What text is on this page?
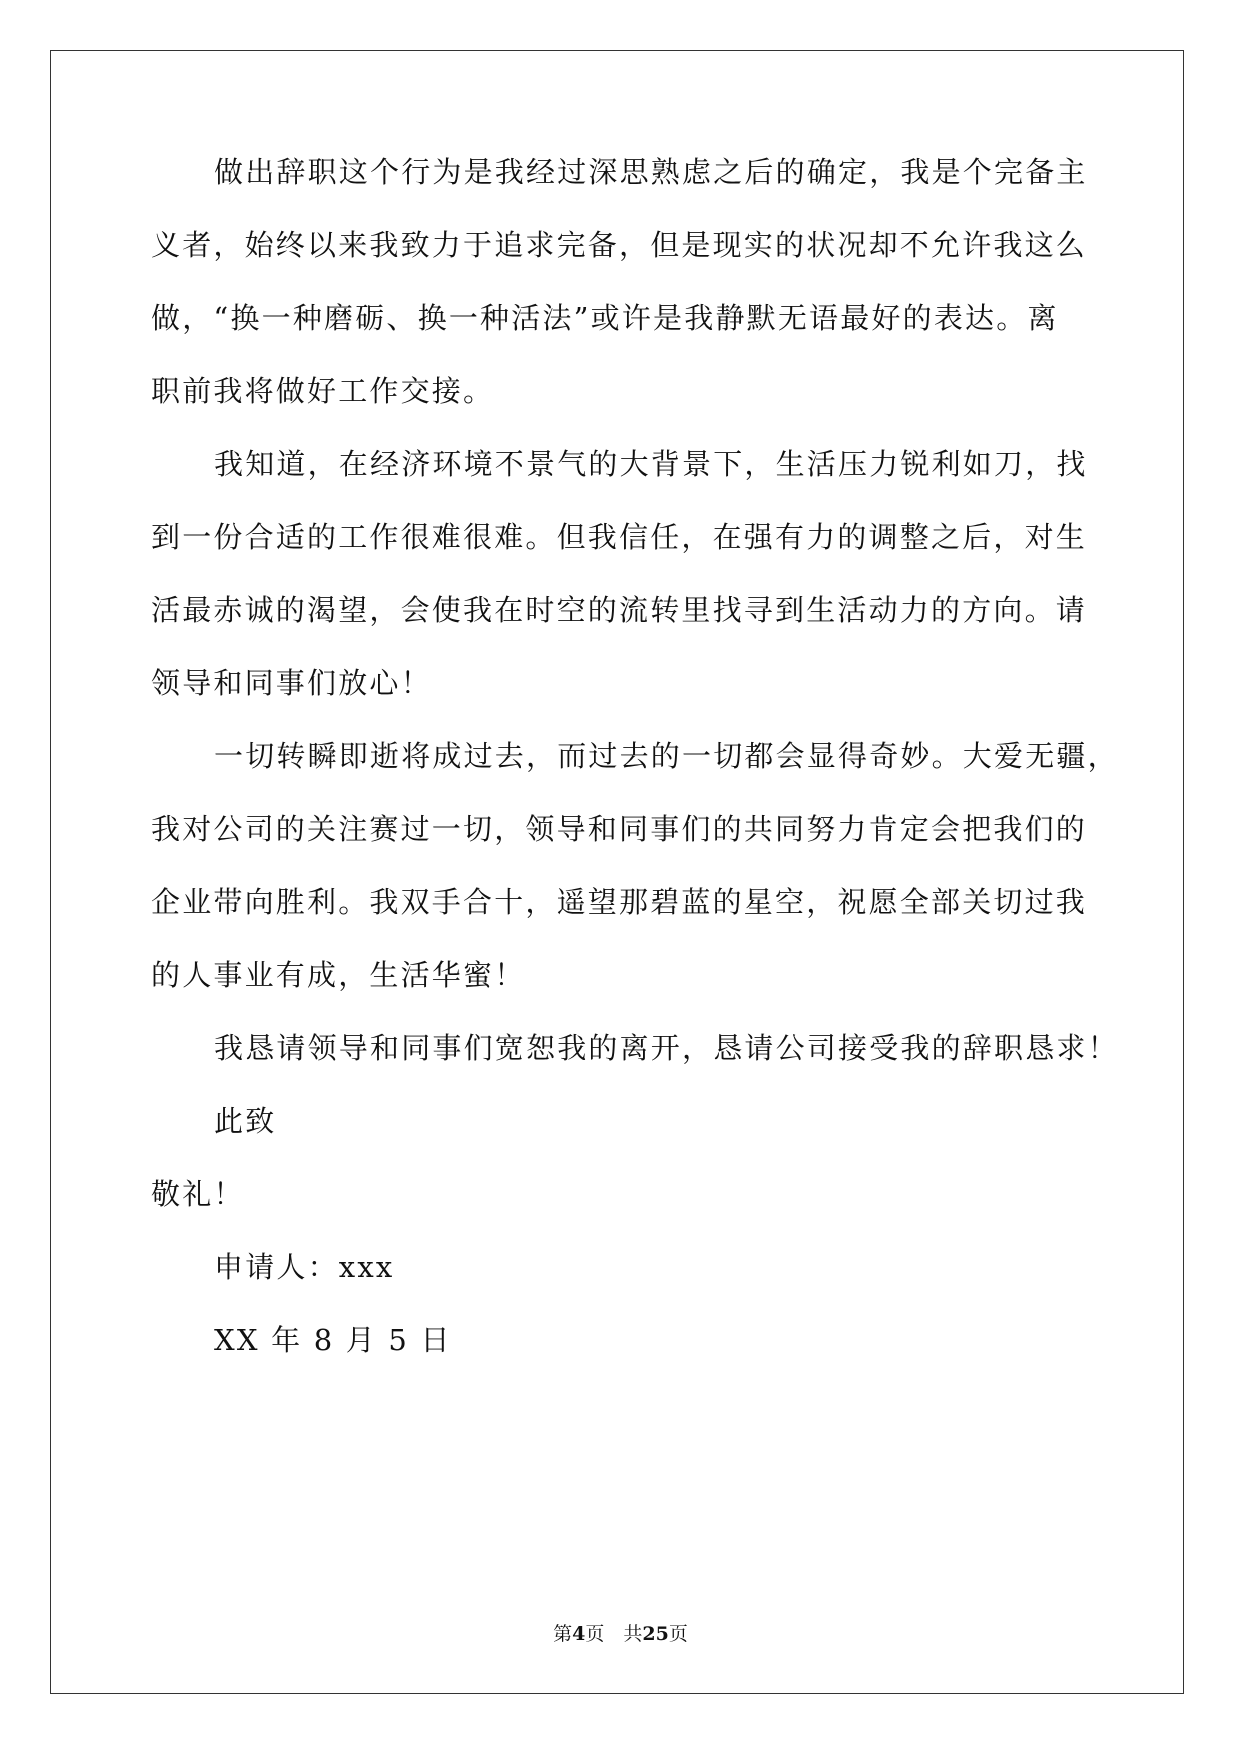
做出辞职这个行为是我经过深思熟虑之后的确定，我是个完备主
义者，始终以来我致力于追求完备，但是现实的状况却不允许我这么
做，“换一种磨砺、换一种活法”或许是我静默无语最好的表达。离
职前我将做好工作交接。
我知道，在经济环境不景气的大背景下，生活压力锐利如刀，找
到一份合适的工作很难很难。但我信任，在强有力的调整之后，对生
活最赤诚的渴望，会使我在时空的流转里找寻到生活动力的方向。请
领导和同事们放心！
一切转瞬即逝将成过去，而过去的一切都会显得奇妙。大爱无疆，
我对公司的关注赛过一切，领导和同事们的共同努力肯定会把我们的
企业带向胜利。我双手合十，遥望那碧蓝的星空，祝愿全部关切过我
的人事业有成，生活华蜜！
我恳请领导和同事们宽恕我的离开，恳请公司接受我的辞职恳求！
此致
敬礼！
申请人：xxx
XX 年 8 月 5 日
第4页　共25页
